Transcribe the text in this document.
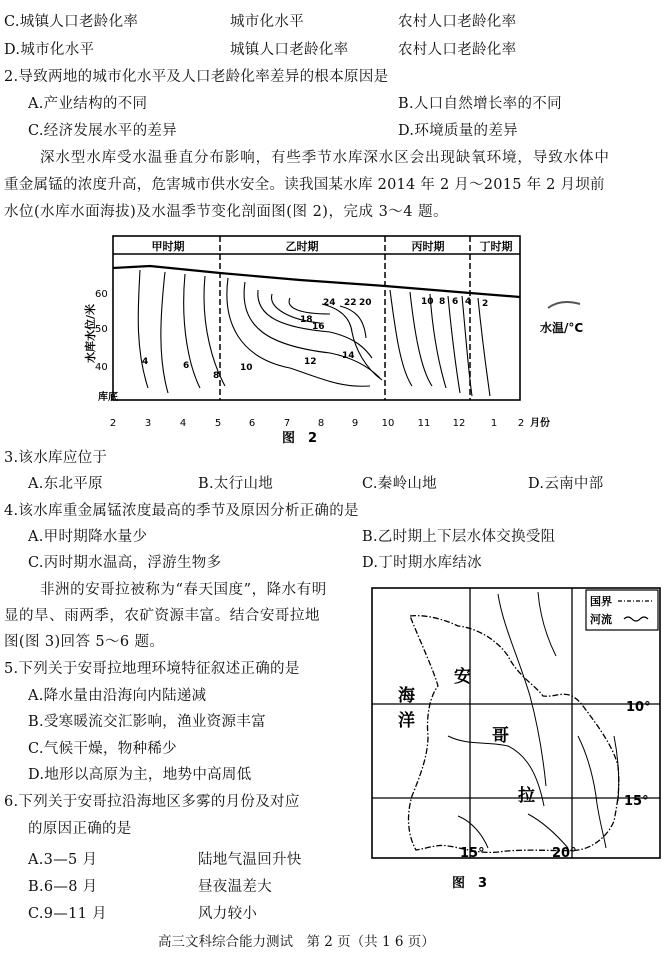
C.城镇人口老龄化率	城市化水平	农村人口老龄化率
D.城市化水平	城镇人口老龄化率	农村人口老龄化率
2.导致两地的城市化水平及人口老龄化率差异的根本原因是
A.产业结构的不同	B.人口自然增长率的不同
C.经济发展水平的差异	D.环境质量的差异
深水型水库受水温垂直分布影响，有些季节水库深水区会出现缺氧环境，导致水体中
重金属锰的浓度升高，危害城市供水安全。读我国某水库 2014 年 2 月～2015 年 2 月坝前
水位(水库水面海拔)及水温季节变化剖面图(图 2)，完成 3～4 题。
甲时期	乙时期	丙时期	丁时期
24 22 20
18
16
14
12
10
8
6
4
10 8 6 4 2
60
50
40
库底
水库水位/米
2	3	4	5	6	7	8	9 10 11 12	1 2 月份
水温/°C
图　2
3.该水库应位于
A.东北平原	B.太行山地	C.秦岭山地	D.云南中部
4.该水库重金属锰浓度最高的季节及原因分析正确的是
A.甲时期降水量少	B.乙时期上下层水体交换受阻
C.丙时期水温高，浮游生物多	D.丁时期水库结冰
非洲的安哥拉被称为“春天国度”，降水有明
显的旱、雨两季，农矿资源丰富。结合安哥拉地
图(图 3)回答 5～6 题。
5.下列关于安哥拉地理环境特征叙述正确的是
A.降水量由沿海向内陆递减
B.受寒暖流交汇影响，渔业资源丰富
C.气候干燥，物种稀少
D.地形以高原为主，地势中高周低
6.下列关于安哥拉沿海地区多雾的月份及对应
的原因正确的是
A.3—5 月	陆地气温回升快
B.6—8 月	昼夜温差大
C.9—11 月	风力较小
国界
河流
海
洋
安
哥
拉
10°
15°
15°	20°
图　3
高三文科综合能力测试　第 2 页（共 1 6 页）
